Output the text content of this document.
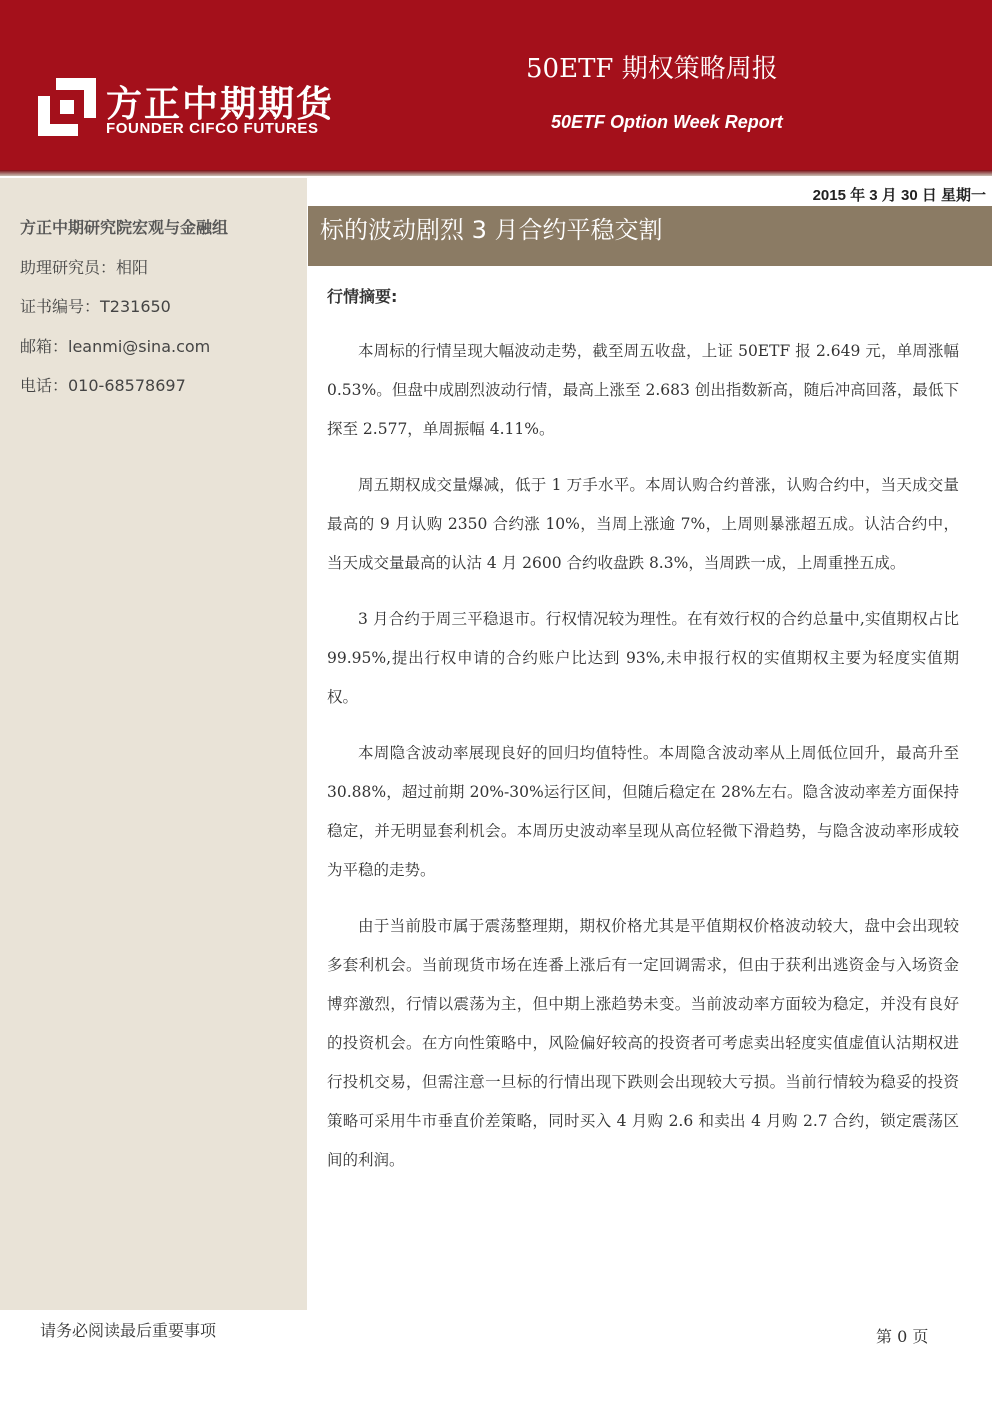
方正中期期货
FOUNDER CIFCO FUTURES
50ETF 期权策略周报
50ETF Option Week Report
方正中期研究院宏观与金融组
助理研究员：相阳
证书编号：T231650
邮箱：leanmi@sina.com
电话：010-68578697
2015 年 3 月 30 日 星期一
标的波动剧烈 3 月合约平稳交割
行情摘要:

本周标的行情呈现大幅波动走势，截至周五收盘，上证 50ETF 报 2.649 元，单周涨幅 0.53%。但盘中成剧烈波动行情，最高上涨至 2.683 创出指数新高，随后冲高回落，最低下探至 2.577，单周振幅 4.11%。

周五期权成交量爆减，低于 1 万手水平。本周认购合约普涨，认购合约中，当天成交量最高的 9 月认购 2350 合约涨 10%，当周上涨逾 7%，上周则暴涨超五成。认沽合约中，当天成交量最高的认沽 4 月 2600 合约收盘跌 8.3%，当周跌一成，上周重挫五成。

3 月合约于周三平稳退市。行权情况较为理性。在有效行权的合约总量中,实值期权占比 99.95%,提出行权申请的合约账户比达到 93%,未申报行权的实值期权主要为轻度实值期权。

本周隐含波动率展现良好的回归均值特性。本周隐含波动率从上周低位回升，最高升至 30.88%，超过前期 20%-30%运行区间，但随后稳定在 28%左右。隐含波动率差方面保持稳定，并无明显套利机会。本周历史波动率呈现从高位轻微下滑趋势，与隐含波动率形成较为平稳的走势。

由于当前股市属于震荡整理期，期权价格尤其是平值期权价格波动较大，盘中会出现较多套利机会。当前现货市场在连番上涨后有一定回调需求，但由于获利出逃资金与入场资金博弈激烈，行情以震荡为主，但中期上涨趋势未变。当前波动率方面较为稳定，并没有良好的投资机会。在方向性策略中，风险偏好较高的投资者可考虑卖出轻度实值虚值认沽期权进行投机交易，但需注意一旦标的行情出现下跌则会出现较大亏损。当前行情较为稳妥的投资策略可采用牛市垂直价差策略，同时买入 4 月购 2.6 和卖出 4 月购 2.7 合约，锁定震荡区间的利润。

请务必阅读最后重要事项	第 0 页
